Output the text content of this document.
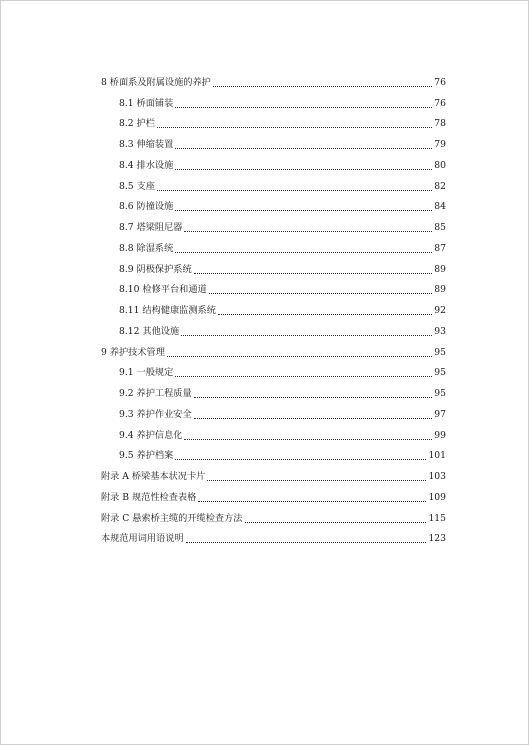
8 桥面系及附属设施的养护	76
8.1 桥面铺装	76
8.2 护栏	78
8.3 伸缩装置	79
8.4 排水设施	80
8.5 支座	82
8.6 防撞设施	84
8.7 塔梁阻尼器	85
8.8 除湿系统	87
8.9 阴极保护系统	89
8.10 检修平台和通道	89
8.11 结构健康监测系统	92
8.12 其他设施	93
9 养护技术管理	95
9.1 一般规定	95
9.2 养护工程质量	95
9.3 养护作业安全	97
9.4 养护信息化	99
9.5 养护档案	101
附录 A 桥梁基本状况卡片	103
附录 B 规范性检查表格	109
附录 C 悬索桥主缆的开缆检查方法	115
本规范用词用语说明	123
